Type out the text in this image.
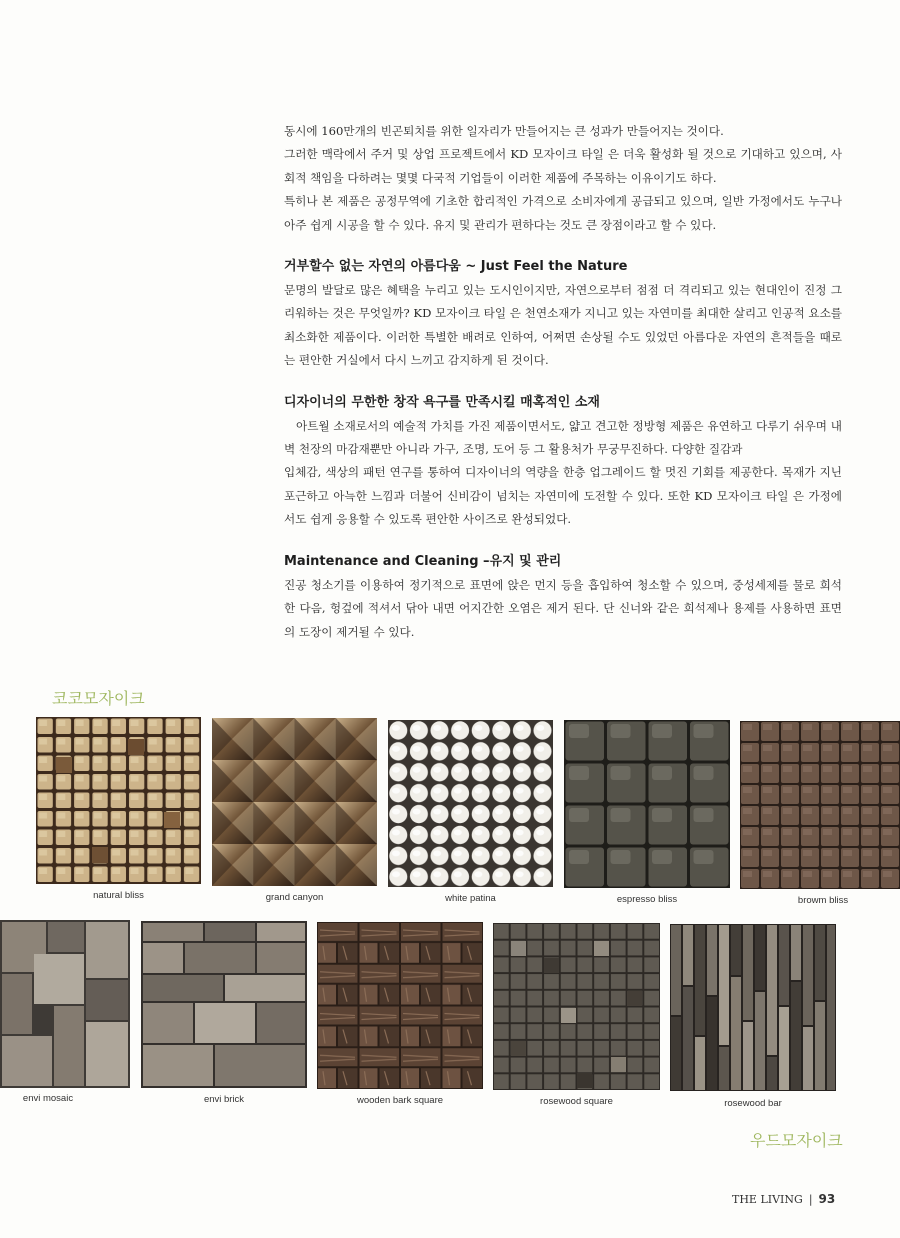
동시에 160만개의 빈곤퇴치를 위한 일자리가 만들어지는 큰 성과가 만들어지는 것이다.

그러한 맥락에서 주거 및 상업 프로젝트에서 KD 모자이크 타일 은 더욱 활성화 될 것으로 기대하고 있으며, 사회적 책임을 다하려는 몇몇 다국적 기업들이 이러한 제품에 주목하는 이유이기도 하다.

특히나 본 제품은 공정무역에 기초한 합리적인 가격으로 소비자에게 공급되고 있으며, 일반 가정에서도 누구나 아주 쉽게 시공을 할 수 있다. 유지 및 관리가 편하다는 것도 큰 장점이라고 할 수 있다.

거부할수 없는 자연의 아름다움 ~ Just Feel the Nature

문명의 발달로 많은 혜택을 누리고 있는 도시인이지만, 자연으로부터 점점 더 격리되고 있는 현대인이 진정 그리워하는 것은 무엇일까? KD 모자이크 타일 은 천연소재가 지니고 있는 자연미를 최대한 살리고 인공적 요소를 최소화한 제품이다. 이러한 특별한 배려로 인하여, 어쩌면 손상될 수도 있었던 아름다운 자연의 흔적들을 때로는 편안한 거실에서 다시 느끼고 감지하게 된 것이다.

디자이너의 무한한 창작 욕구를 만족시킬 매혹적인 소재

아트월 소재로서의 예술적 가치를 가진 제품이면서도, 얇고 견고한 정방형 제품은 유연하고 다루기 쉬우며 내벽 천장의 마감재뿐만 아니라 가구, 조명, 도어 등 그 활용처가 무궁무진하다. 다양한 질감과

입체감, 색상의 패턴 연구를 통하여 디자이너의 역량을 한층 업그레이드 할 멋진 기회를 제공한다. 목재가 지닌 포근하고 아늑한 느낌과 더불어 신비감이 넘치는 자연미에 도전할 수 있다. 또한 KD 모자이크 타일 은 가정에서도 쉽게 응용할 수 있도록 편안한 사이즈로 완성되었다.

Maintenance and Cleaning –유지 및 관리

진공 청소기를 이용하여 정기적으로 표면에 앉은 먼지 등을 흡입하여 청소할 수 있으며, 중성세제를 물로 희석한 다음, 헝겊에 적셔서 닦아 내면 어지간한 오염은 제거 된다. 단 신너와 같은 희석제나 용제를 사용하면 표면의 도장이 제거될 수 있다.

코코모자이크
우드모자이크
natural bliss	grand canyon	white patina	espresso bliss	browm bliss
envi mosaic	envi brick	wooden bark square	rosewood square	rosewood bar
THE LIVING | 93
